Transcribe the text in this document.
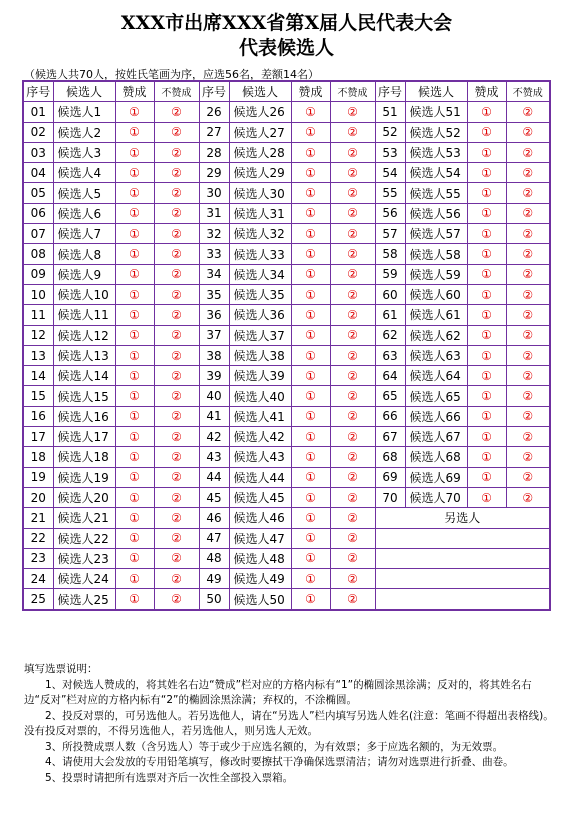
XXX市出席XXX省第X届人民代表大会
代表候选人
（候选人共70人，按姓氏笔画为序，应选56名，差额14名）
序号	候选人	赞成	不赞成	序号	候选人	赞成	不赞成	序号	候选人	赞成	不赞成
01	候选人1	①	②	26	候选人26	①	②	51	候选人51	①	②
02	候选人2	①	②	27	候选人27	①	②	52	候选人52	①	②
03	候选人3	①	②	28	候选人28	①	②	53	候选人53	①	②
04	候选人4	①	②	29	候选人29	①	②	54	候选人54	①	②
05	候选人5	①	②	30	候选人30	①	②	55	候选人55	①	②
06	候选人6	①	②	31	候选人31	①	②	56	候选人56	①	②
07	候选人7	①	②	32	候选人32	①	②	57	候选人57	①	②
08	候选人8	①	②	33	候选人33	①	②	58	候选人58	①	②
09	候选人9	①	②	34	候选人34	①	②	59	候选人59	①	②
10	候选人10	①	②	35	候选人35	①	②	60	候选人60	①	②
11	候选人11	①	②	36	候选人36	①	②	61	候选人61	①	②
12	候选人12	①	②	37	候选人37	①	②	62	候选人62	①	②
13	候选人13	①	②	38	候选人38	①	②	63	候选人63	①	②
14	候选人14	①	②	39	候选人39	①	②	64	候选人64	①	②
15	候选人15	①	②	40	候选人40	①	②	65	候选人65	①	②
16	候选人16	①	②	41	候选人41	①	②	66	候选人66	①	②
17	候选人17	①	②	42	候选人42	①	②	67	候选人67	①	②
18	候选人18	①	②	43	候选人43	①	②	68	候选人68	①	②
19	候选人19	①	②	44	候选人44	①	②	69	候选人69	①	②
20	候选人20	①	②	45	候选人45	①	②	70	候选人70	①	②
21	候选人21	①	②	46	候选人46	①	②	另选人			
22	候选人22	①	②	47	候选人47	①	②				
23	候选人23	①	②	48	候选人48	①	②				
24	候选人24	①	②	49	候选人49	①	②				
25	候选人25	①	②	50	候选人50	①	②				

填写选票说明：

1、对候选人赞成的，将其姓名右边“赞成”栏对应的方格内标有“1”的椭圆涂黑涂满；反对的，将其姓名右边“反对”栏对应的方格内标有“2”的椭圆涂黑涂满；弃权的，不涂椭圆。

2、投反对票的，可另选他人。若另选他人，请在“另选人”栏内填写另选人姓名(注意：笔画不得超出表格线)。没有投反对票的，不得另选他人，若另选他人，则另选人无效。

3、所投赞成票人数（含另选人）等于或少于应选名额的，为有效票；多于应选名额的，为无效票。

4、请使用大会发放的专用铅笔填写，修改时要擦拭干净确保选票清洁；请勿对选票进行折叠、曲卷。

5、投票时请把所有选票对齐后一次性全部投入票箱。
